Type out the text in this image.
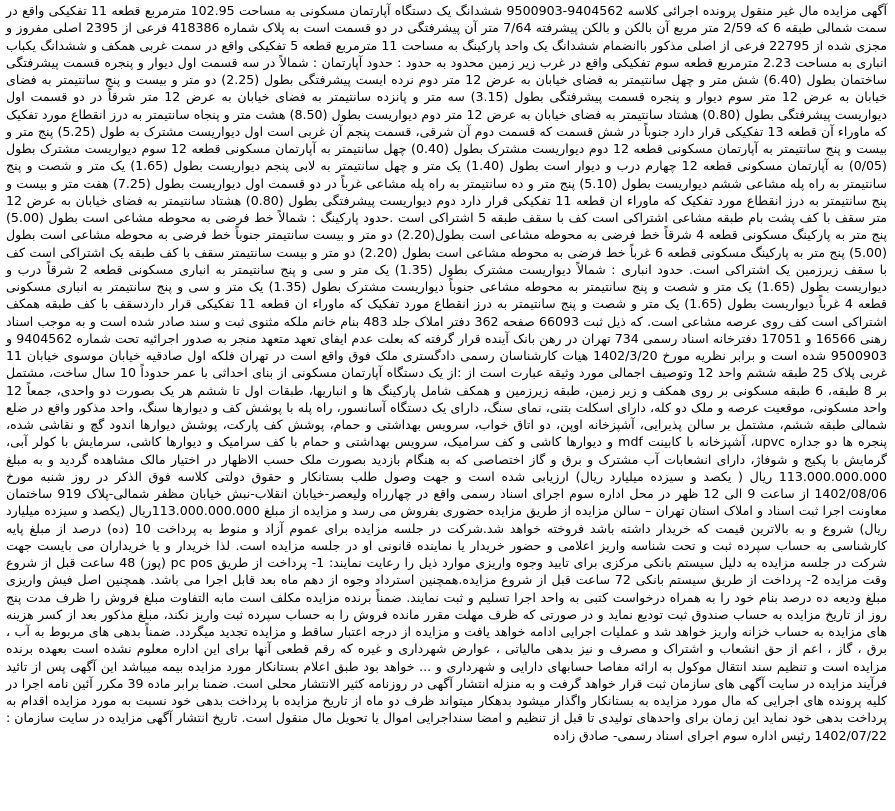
آگهی مزایده مال غیر منقول پرونده اجرائی کلاسه 9404562-9500903 ششدانگ یک دستگاه آپارتمان مسکونی به مساحت 102.95 مترمربع قطعه 11 تفکیکی واقع در سمت شمالی طبقه 6 که 2/59 متر مربع آن بالکن و بالکن پیشرفته 7/64 متر آن پیشرفتگی در دو قسمت است به پلاک شماره 418386 فرعی از 2395 اصلی مفروز و مجزی شده از 22795 فرعی از اصلی مذکور باانضمام ششدانگ یک واحد پارکینگ به مساحت 11 مترمربع قطعه 5 تفکیکی واقع در سمت غربی همکف و ششدانگ یکباب انباری به مساحت 2.23 مترمربع قطعه سوم تفکیکی واقع در غرب زیر زمین محدود به حدود : حدود آپارتمان : شمالاً در سه قسمت اول دیوار و پنجره قسمت پیشرفتگی ساختمان بطول (6.40) شش متر و چهل سانتیمتر به فضای خیابان به عرض 12 متر دوم نرده ایست پیشرفتگی بطول (2.25) دو متر و بیست و پنج سانتیمتر به فضای خیابان به عرض 12 متر سوم دیوار و پنجره قسمت پیشرفتگی بطول (3.15) سه متر و پانزده سانتیمتر به فضای خیابان به عرض 12 متر شرقاً در دو قسمت اول دیواریست پیشرفتگی بطول (0.80) هشتاد سانتیمتر به فضای خیابان به عرض 12 متر دوم دیواریست بطول (8.50) هشت متر و پنجاه سانتیمتر به درز انقطاع مورد تفکیک که ماوراء آن قطعه 13 تفکیکی قرار دارد جنوباً در شش قسمت که قسمت دوم آن شرقی، قسمت پنجم آن غربی است اول دیواریست مشترک به طول (5.25) پنج متر و بیست و پنج سانتیمتر به آپارتمان مسکونی قطعه 12 دوم دیواریست مشترک بطول (0.40) چهل سانتیمتر به آپارتمان مسکونی قطعه 12 سوم دیواریست مشترک بطول (0/05) به آپارتمان مسکونی قطعه 12 چهارم درب و دیوار است بطول (1.40) یک متر و چهل سانتیمتر به لابی پنجم دیواریست بطول (1.65) یک متر و شصت و پنج سانتیمتر به راه پله مشاعی ششم دیواریست بطول (5.10) پنج متر و ده سانتیمتر به راه پله مشاعی غرباً در دو قسمت اول دیواریست بطول (7.25) هفت متر و بیست و پنج سانتیمتر به درز انقطاع مورد تفکیک که ماوراء ان قطعه 11 تفکیکی قرار دارد دوم دیواریست پیشرفتگی بطول (0.80) هشتاد سانتیمتر به فضای خیابان به عرض 12 متر سقف با کف پشت بام طبقه مشاعی اشتراکی است کف با سقف طبقه 5 اشتراکی است .حدود پارکینگ : شمالاً خط فرضی به محوطه مشاعی است بطول (5.00) پنج متر به پارکینگ مسکونی قطعه 4 شرقاً خط فرضی به محوطه مشاعی است بطول(2.20) دو متر و بیست سانتیمتر جنوباً خط فرضی به محوطه مشاعی است بطول (5.00) پنج متر به پارکینگ مسکونی قطعه 6 غرباً خط فرضی به محوطه مشاعی است بطول (2.20) دو متر و بیست سانتیمتر سقف با کف طبقه یک اشتراکی است کف با سقف زیرزمین یک اشتراکی است. حدود انباری : شمالاً دیواریست مشترک بطول (1.35) یک متر و سی و پنج سانتیمتر به انباری مسکونی قطعه 2 شرقاً درب و دیواریست بطول (1.65) یک متر و شصت و پنج سانتیمتر به محوطه مشاعی جنوباً دیواریست مشترک بطول (1.35) یک متر و سی و پنج سانتیمتر به انباری مسکونی قطعه 4 غرباً دیواریست بطول (1.65) یک متر و شصت و پنج سانتیمتر به درز انقطاع مورد تفکیک که ماوراء ان قطعه 11 تفکیکی قرار داردسقف با کف طبقه همکف اشتراکی است کف روی عرصه مشاعی است. که ذیل ثبت 66093 صفحه 362 دفتر املاک جلد 483 بنام خانم ملکه مثنوی ثبت و سند صادر شده است و به موجب اسناد رهنی 16566 و 17051 دفترخانه اسناد رسمی 734 تهران در رهن بانک آینده قرار گرفته که بعلت عدم ایفای تعهد متعهد منجر به صدور اجرائیه تحت شماره 9404562 و 9500903 شده است و برابر نظریه مورخ 1402/3/20 هیات کارشناسان رسمی دادگستری ملک فوق واقع است در تهران فلکه اول صادقیه خیابان موسوی خیابان 11 غربی پلاک 25 طبقه ششم واحد 12 وتوصیف اجمالی مورد وثیقه عبارت است از :از یک دستگاه آپارتمان مسکونی از بنای احداثی با عمر حدوداً 10 سال ساخت، مشتمل بر 8 طبقه، 6 طبقه مسکونی بر روی همکف و زیر زمین، طبقه زیرزمین و همکف شامل پارکینگ ها و انباریها، طبقات اول تا ششم هر یک بصورت دو واحدی، جمعاً 12 واحد مسکونی، موقعیت عرصه و ملک دو کله، دارای اسکلت بتنی، نمای سنگ، دارای یک دستگاه آسانسور، راه پله با پوشش کف و دیوارها سنگ، واحد مذکور واقع در ضلع شمالی طبقه ششم، مشتمل بر سالن پذیرایی، آشپزخانه اوپن، دو اتاق خواب، سرویس بهداشتی و حمام، پوشش کف پارکت، پوشش دیوارها اندود گچ و نقاشی شده، پنجره ها دو جداره upvc، آشپزخانه با کابینت mdf و دیوارها کاشی و کف سرامیک، سرویس بهداشتی و حمام با کف سرامیک و دیوارها کاشی، سرمایش با کولر آبی، گرمایش با پکیج و شوفاژ، دارای انشعابات آب مشترک و برق و گاز اختصاصی که به هنگام بازدید بصورت ملک حسب الاظهار در اختیار مالک مشاهده گردید و به مبلغ 113.000.000.000 ریال ( یکصد و سیزده میلیارد ریال) ارزیابی شده است و جهت وصول طلب بستانکار و حقوق دولتی کلاسه فوق الذکر در روز شنبه مورخ 1402/08/06 از ساعت 9 الی 12 ظهر در محل اداره سوم اجرای اسناد رسمی واقع در چهارراه ولیعصر-خیابان انقلاب-نبش خیابان مظفر شمالی-پلاک 919 ساختمان معاونت اجرا ثبت اسناد و املاک استان تهران – سالن مزایده از طریق مزایده حضوری بفروش می رسد و مزایده از مبلغ 113.000.000.000ریال (یکصد و سیزده میلیارد ریال) شروع و به بالاترین قیمت که خریدار داشته باشد فروخته خواهد شد.شرکت در جلسه مزایده برای عموم آزاد و منوط به پرداخت 10 (ده) درصد از مبلغ پایه کارشناسی به حساب سپرده ثبت و تحت شناسه واریز اعلامی و حضور خریدار یا نماینده قانونی او در جلسه مزایده است. لذا خریدار و یا خریداران می بایست جهت شرکت در جلسه مزایده به دلیل سیستم بانکی مرکزی برای تایید وجوه واریزی موارد ذیل را رعایت نمایند: 1- پرداخت از طریق pc pos (پوز) 48 ساعت قبل از شروع وقت مزایده 2- پرداخت از طریق سیستم بانکی 72 ساعت قبل از شروع مزایده.همچنین استرداد وجوه از دهم ماه بعد قابل اجرا می باشد. همچنین اصل فیش واریزی مبلغ ودیعه ده درصد بنام خود را به همراه درخواست کتبی به واحد اجرا تسلیم و ثبت نمایند. ضمناً برنده مزایده مکلف است مابه التفاوت مبلغ فروش را ظرف مدت پنج روز از تاریخ مزایده به حساب صندوق ثبت تودیع نماید و در صورتی که ظرف مهلت مقرر مانده فروش را به حساب سپرده ثبت واریز نکند، مبلغ مذکور بعد از کسر هزینه های مزایده به حساب خزانه واریز خواهد شد و عملیات اجرایی ادامه خواهد یافت و مزایده از درجه اعتبار ساقط و مزایده تجدید میگردد. ضمناً بدهی های مربوط به آب ، برق ، گاز ، اعم از حق انشعاب و اشتراک و مصرف و نیز بدهی مالیاتی ، عوارض شهرداری و غیره که رقم قطعی آنها برای این اداره معلوم نشده است بعهده برنده مزایده است و تنظیم سند انتقال موکول به ارائه مفاصا حسابهای دارایی و شهرداری و ... خواهد بود طبق اعلام بستانکار مورد مزایده بیمه میباشد این آگهی پس از تائید فرآیند مزایده در سایت آگهی های سازمان ثبت قرار خواهد گرفت و به منزله انتشار آگهی در روزنامه کثیر الانتشار محلی است. ضمنا برابر ماده 39 مکرر آئین نامه اجرا در کلیه پرونده های اجرایی که مال مورد مزایده به بستانکار واگذار میشود بدهکار میتواند ظرف دو ماه از تاریخ مزایده با پرداخت بدهی خود نسبت به مورد مزایده اقدام به پرداخت بدهی خود نماید این زمان برای واحدهای تولیدی تا قبل از تنظیم و امضا سنداجرایی اموال یا تحویل مال منقول است. تاریخ انتشار آگهی مزایده در سایت سازمان : 1402/07/22 رئیس اداره سوم اجرای اسناد رسمی- صادق زاده
